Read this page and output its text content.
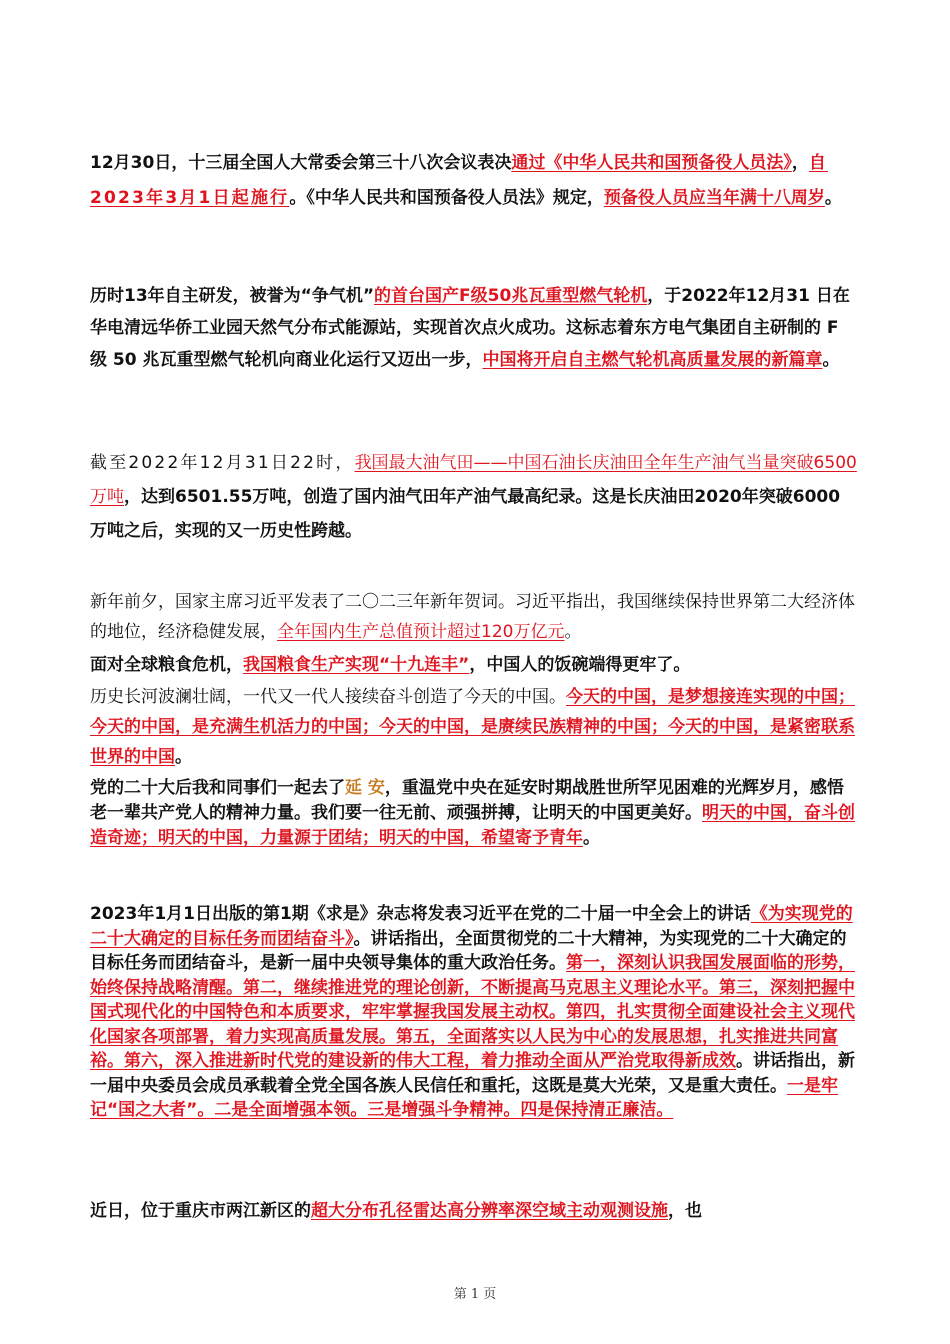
12月30日，十三届全国人大常委会第三十八次会议表决通过《中华人民共和国预备役人员法》，自2023年3月1日起施行。《中华人民共和国预备役人员法》规定，预备役人员应当年满十八周岁。

历时13年自主研发，被誉为“争气机”的首台国产F级50兆瓦重型燃气轮机，于2022年12月31 日在华电清远华侨工业园天然气分布式能源站，实现首次点火成功。这标志着东方电气集团自主研制的 F 级 50 兆瓦重型燃气轮机向商业化运行又迈出一步，中国将开启自主燃气轮机高质量发展的新篇章。

截至2022年12月31日22时，我国最大油气田——中国石油长庆油田全年生产油气当量突破6500万吨，达到6501.55万吨，创造了国内油气田年产油气最高纪录。这是长庆油田2020年突破6000 万吨之后，实现的又一历史性跨越。

新年前夕，国家主席习近平发表了二〇二三年新年贺词。习近平指出，我国继续保持世界第二大经济体的地位，经济稳健发展，全年国内生产总值预计超过120万亿元。

面对全球粮食危机，我国粮食生产实现“十九连丰”，中国人的饭碗端得更牢了。

历史长河波澜壮阔，一代又一代人接续奋斗创造了今天的中国。今天的中国，是梦想接连实现的中国；今天的中国，是充满生机活力的中国；今天的中国，是赓续民族精神的中国；今天的中国，是紧密联系世界的中国。

党的二十大后我和同事们一起去了延 安，重温党中央在延安时期战胜世所罕见困难的光辉岁月，感悟老一辈共产党人的精神力量。我们要一往无前、顽强拼搏，让明天的中国更美好。明天的中国，奋斗创造奇迹；明天的中国，力量源于团结；明天的中国，希望寄予青年。

2023年1月1日出版的第1期《求是》杂志将发表习近平在党的二十届一中全会上的讲话《为实现党的二十大确定的目标任务而团结奋斗》。讲话指出，全面贯彻党的二十大精神，为实现党的二十大确定的目标任务而团结奋斗，是新一届中央领导集体的重大政治任务。第一，深刻认识我国发展面临的形势，始终保持战略清醒。第二，继续推进党的理论创新，不断提高马克思主义理论水平。第三，深刻把握中国式现代化的中国特色和本质要求，牢牢掌握我国发展主动权。第四，扎实贯彻全面建设社会主义现代化国家各项部署，着力实现高质量发展。第五，全面落实以人民为中心的发展思想，扎实推进共同富裕。第六，深入推进新时代党的建设新的伟大工程，着力推动全面从严治党取得新成效。讲话指出，新一届中央委员会成员承载着全党全国各族人民信任和重托，这既是莫大光荣，又是重大责任。一是牢记“国之大者”。二是全面增强本领。三是增强斗争精神。四是保持清正廉洁。

近日，位于重庆市两江新区的超大分布孔径雷达高分辨率深空域主动观测设施，也

第 1 页
